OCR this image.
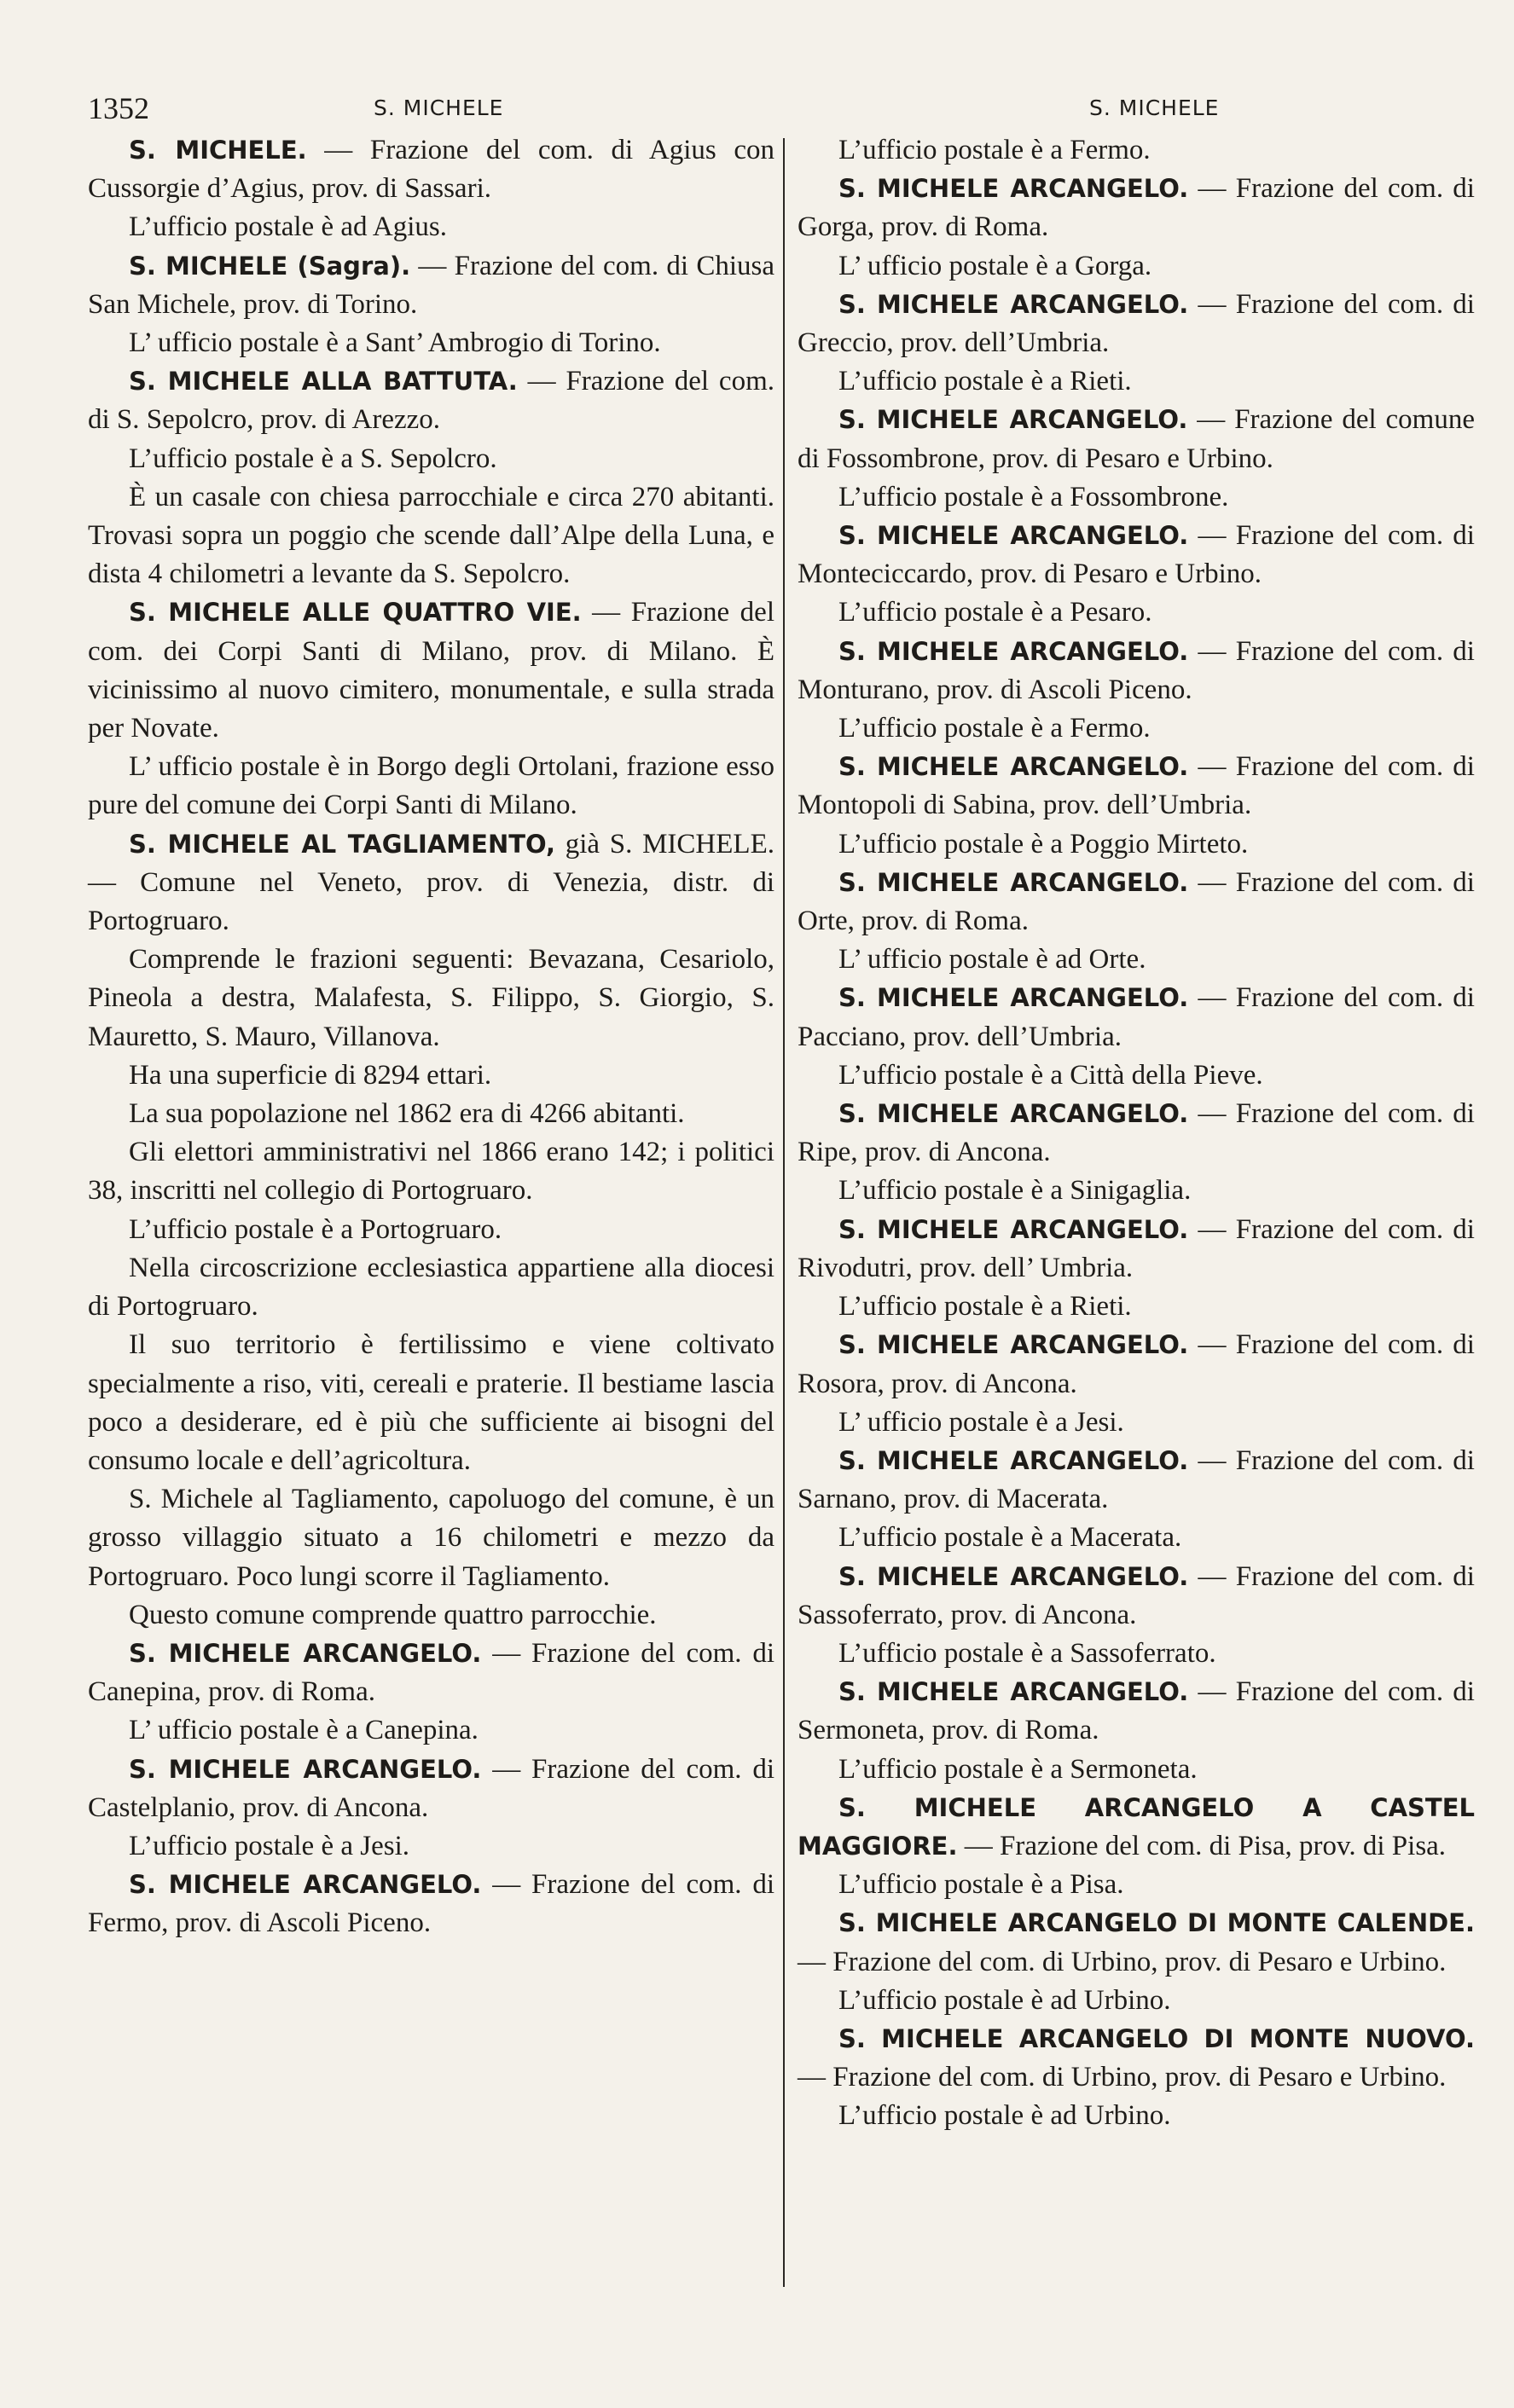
1352	S. MICHELE	S. MICHELE

S. MICHELE. — Frazione del com. di Agius con Cussorgie d’Agius, prov. di Sassari.

L’ufficio postale è ad Agius.

S. MICHELE (Sagra). — Frazione del com. di Chiusa San Michele, prov. di Torino.

L’ ufficio postale è a Sant’ Ambrogio di Torino.

S. MICHELE ALLA BATTUTA. — Frazione del com. di S. Sepolcro, prov. di Arezzo.

L’ufficio postale è a S. Sepolcro.

È un casale con chiesa parrocchiale e circa 270 abitanti. Trovasi sopra un poggio che scende dall’Alpe della Luna, e dista 4 chilometri a levante da S. Sepolcro.

S. MICHELE ALLE QUATTRO VIE. — Frazione del com. dei Corpi Santi di Milano, prov. di Milano. È vicinissimo al nuovo cimitero, monumentale, e sulla strada per Novate.

L’ ufficio postale è in Borgo degli Ortolani, frazione esso pure del comune dei Corpi Santi di Milano.

S. MICHELE AL TAGLIAMENTO, già S. MICHELE. — Comune nel Veneto, prov. di Venezia, distr. di Portogruaro.

Comprende le frazioni seguenti: Bevazana, Cesariolo, Pineola a destra, Malafesta, S. Filippo, S. Giorgio, S. Mauretto, S. Mauro, Villanova.

Ha una superficie di 8294 ettari.

La sua popolazione nel 1862 era di 4266 abitanti.

Gli elettori amministrativi nel 1866 erano 142; i politici 38, inscritti nel collegio di Portogruaro.

L’ufficio postale è a Portogruaro.

Nella circoscrizione ecclesiastica appartiene alla diocesi di Portogruaro.

Il suo territorio è fertilissimo e viene coltivato specialmente a riso, viti, cereali e praterie. Il bestiame lascia poco a desiderare, ed è più che sufficiente ai bisogni del consumo locale e dell’agricoltura.

S. Michele al Tagliamento, capoluogo del comune, è un grosso villaggio situato a 16 chilometri e mezzo da Portogruaro. Poco lungi scorre il Tagliamento.

Questo comune comprende quattro parrocchie.

S. MICHELE ARCANGELO. — Frazione del com. di Canepina, prov. di Roma.

L’ ufficio postale è a Canepina.

S. MICHELE ARCANGELO. — Frazione del com. di Castelplanio, prov. di Ancona.

L’ufficio postale è a Jesi.

S. MICHELE ARCANGELO. — Frazione del com. di Fermo, prov. di Ascoli Piceno.

L’ufficio postale è a Fermo.

S. MICHELE ARCANGELO. — Frazione del com. di Gorga, prov. di Roma.

L’ ufficio postale è a Gorga.

S. MICHELE ARCANGELO. — Frazione del com. di Greccio, prov. dell’Umbria.

L’ufficio postale è a Rieti.

S. MICHELE ARCANGELO. — Frazione del comune di Fossombrone, prov. di Pesaro e Urbino.

L’ufficio postale è a Fossombrone.

S. MICHELE ARCANGELO. — Frazione del com. di Monteciccardo, prov. di Pesaro e Urbino.

L’ufficio postale è a Pesaro.

S. MICHELE ARCANGELO. — Frazione del com. di Monturano, prov. di Ascoli Piceno.

L’ufficio postale è a Fermo.

S. MICHELE ARCANGELO. — Frazione del com. di Montopoli di Sabina, prov. dell’Umbria.

L’ufficio postale è a Poggio Mirteto.

S. MICHELE ARCANGELO. — Frazione del com. di Orte, prov. di Roma.

L’ ufficio postale è ad Orte.

S. MICHELE ARCANGELO. — Frazione del com. di Pacciano, prov. dell’Umbria.

L’ufficio postale è a Città della Pieve.

S. MICHELE ARCANGELO. — Frazione del com. di Ripe, prov. di Ancona.

L’ufficio postale è a Sinigaglia.

S. MICHELE ARCANGELO. — Frazione del com. di Rivodutri, prov. dell’ Umbria.

L’ufficio postale è a Rieti.

S. MICHELE ARCANGELO. — Frazione del com. di Rosora, prov. di Ancona.

L’ ufficio postale è a Jesi.

S. MICHELE ARCANGELO. — Frazione del com. di Sarnano, prov. di Macerata.

L’ufficio postale è a Macerata.

S. MICHELE ARCANGELO. — Frazione del com. di Sassoferrato, prov. di Ancona.

L’ufficio postale è a Sassoferrato.

S. MICHELE ARCANGELO. — Frazione del com. di Sermoneta, prov. di Roma.

L’ufficio postale è a Sermoneta.

S. MICHELE ARCANGELO A CASTEL MAGGIORE. — Frazione del com. di Pisa, prov. di Pisa.

L’ufficio postale è a Pisa.

S. MICHELE ARCANGELO DI MONTE CALENDE. — Frazione del com. di Urbino, prov. di Pesaro e Urbino.

L’ufficio postale è ad Urbino.

S. MICHELE ARCANGELO DI MONTE NUOVO. — Frazione del com. di Urbino, prov. di Pesaro e Urbino.

L’ufficio postale è ad Urbino.
